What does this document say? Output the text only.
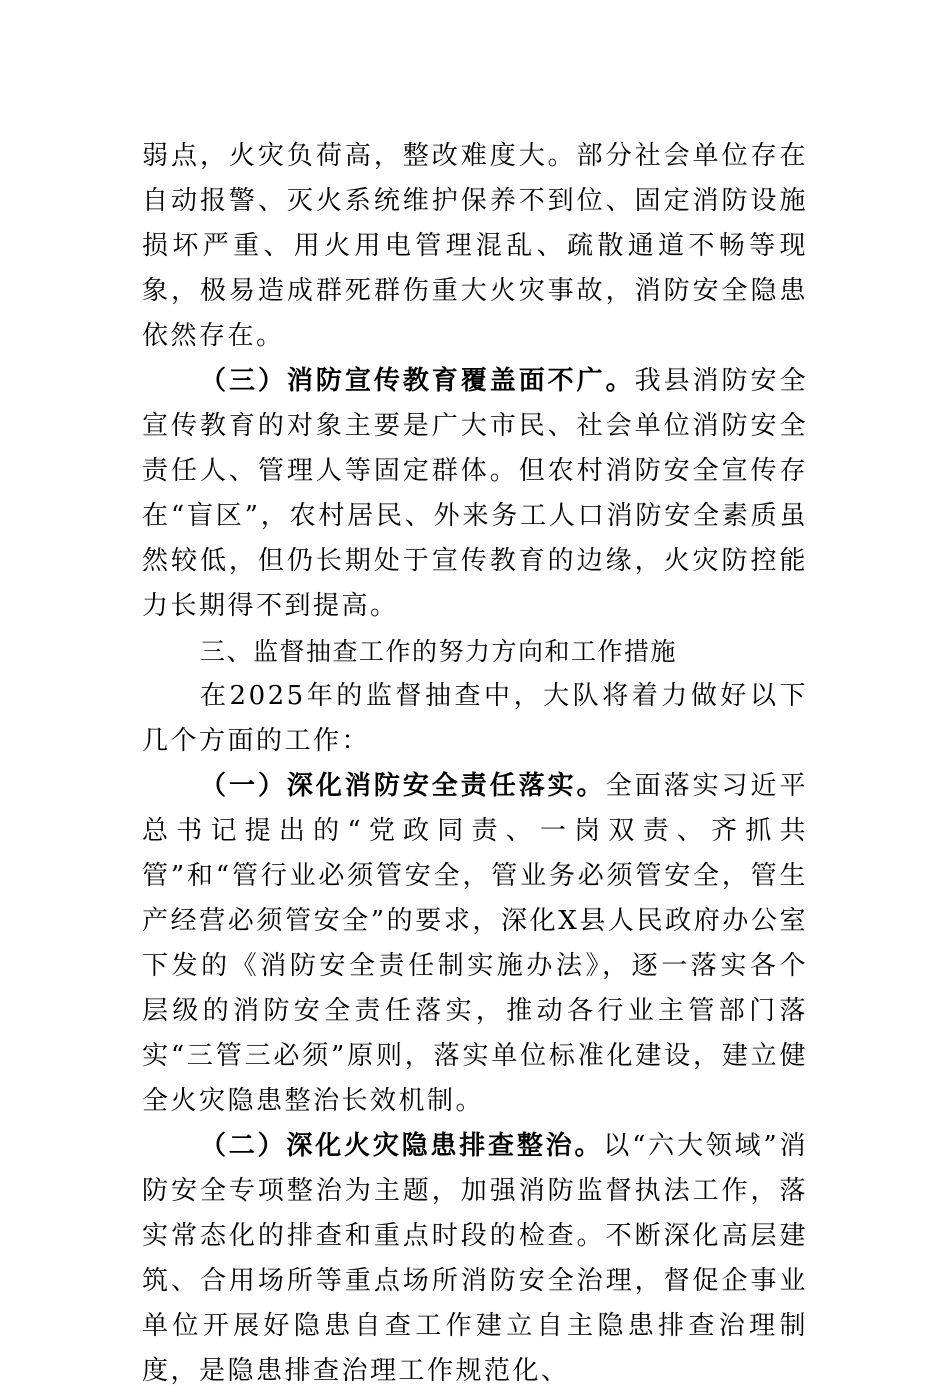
弱点，火灾负荷高，整改难度大。部分社会单位存在自动报警、灭火系统维护保养不到位、固定消防设施损坏严重、用火用电管理混乱、疏散通道不畅等现象，极易造成群死群伤重大火灾事故，消防安全隐患依然存在。

（三）消防宣传教育覆盖面不广。我县消防安全宣传教育的对象主要是广大市民、社会单位消防安全责任人、管理人等固定群体。但农村消防安全宣传存在“盲区”，农村居民、外来务工人口消防安全素质虽然较低，但仍长期处于宣传教育的边缘，火灾防控能力长期得不到提高。

三、监督抽查工作的努力方向和工作措施

在2025年的监督抽查中，大队将着力做好以下几个方面的工作：

（一）深化消防安全责任落实。全面落实习近平总书记提出的“党政同责、一岗双责、齐抓共管”和“管行业必须管安全，管业务必须管安全，管生产经营必须管安全”的要求，深化X县人民政府办公室下发的《消防安全责任制实施办法》，逐一落实各个层级的消防安全责任落实，推动各行业主管部门落实“三管三必须”原则，落实单位标准化建设，建立健全火灾隐患整治长效机制。

（二）深化火灾隐患排查整治。以“六大领域”消防安全专项整治为主题，加强消防监督执法工作，落实常态化的排查和重点时段的检查。不断深化高层建筑、合用场所等重点场所消防安全治理，督促企事业单位开展好隐患自查工作建立自主隐患排查治理制度，是隐患排查治理工作规范化、
